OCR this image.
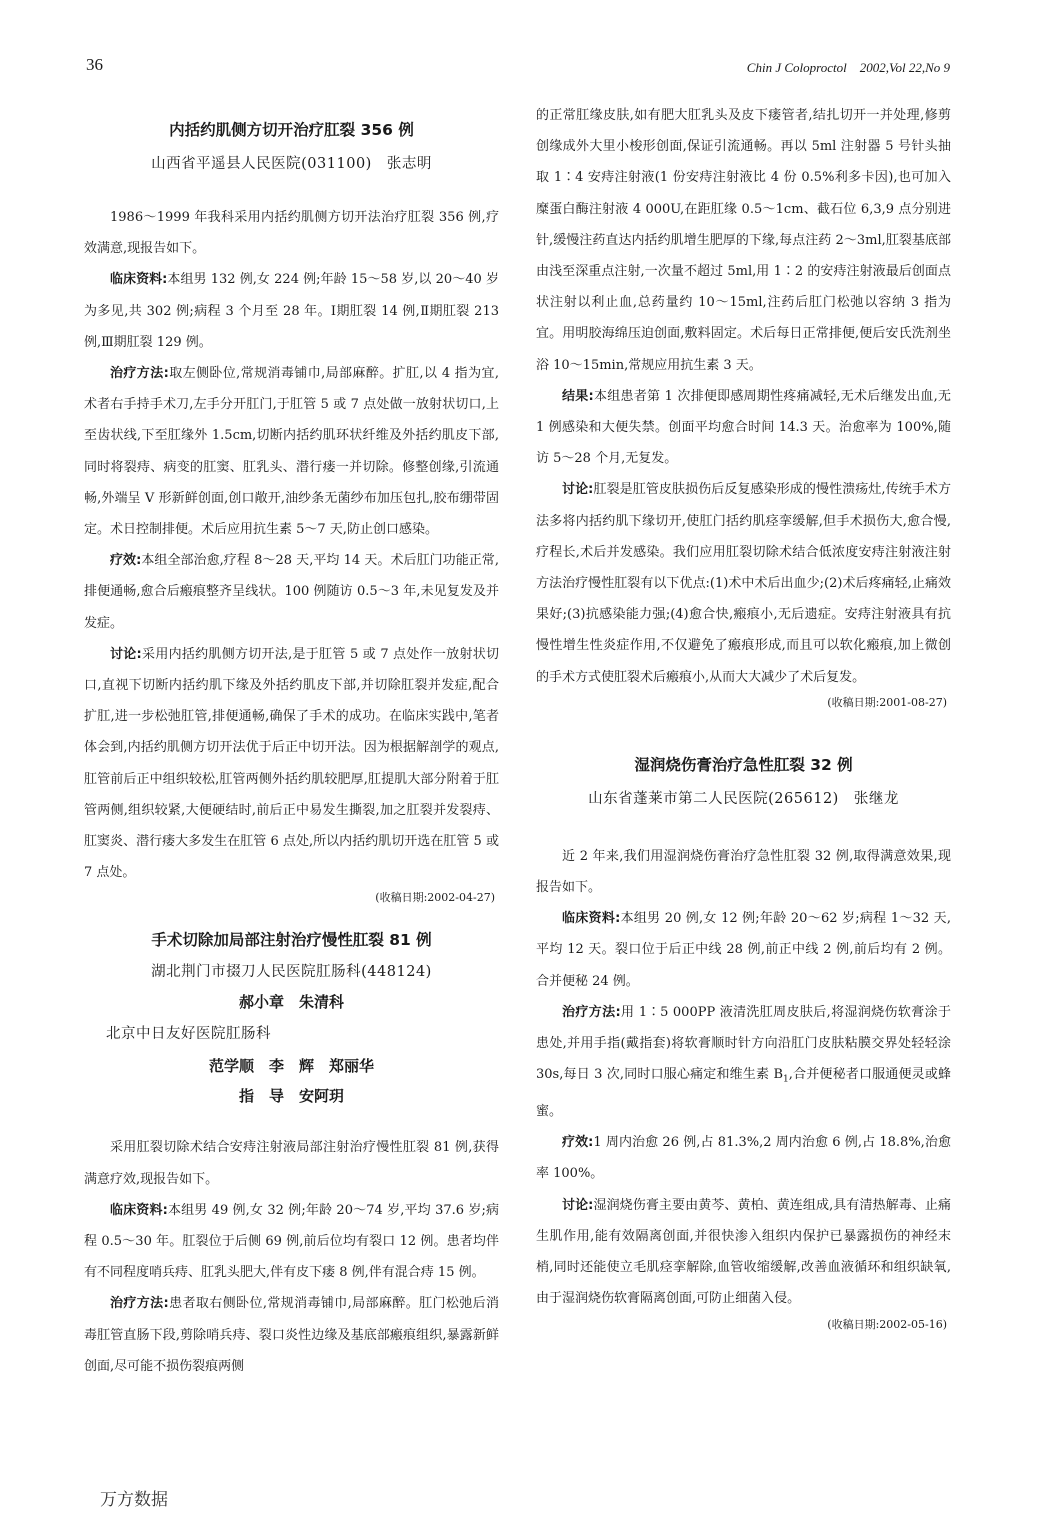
36	Chin J Coloproctol　2002,Vol 22,No 9

内括约肌侧方切开治疗肛裂 356 例

山西省平遥县人民医院(031100)　张志明

1986～1999 年我科采用内括约肌侧方切开法治疗肛裂 356 例,疗效满意,现报告如下。

临床资料:本组男 132 例,女 224 例;年龄 15～58 岁,以 20～40 岁为多见,共 302 例;病程 3 个月至 28 年。Ⅰ期肛裂 14 例,Ⅱ期肛裂 213 例,Ⅲ期肛裂 129 例。

治疗方法:取左侧卧位,常规消毒铺巾,局部麻醉。扩肛,以 4 指为宜,术者右手持手术刀,左手分开肛门,于肛管 5 或 7 点处做一放射状切口,上至齿状线,下至肛缘外 1.5cm,切断内括约肌环状纤维及外括约肌皮下部,同时将裂痔、病变的肛窦、肛乳头、潜行瘘一并切除。修整创缘,引流通畅,外端呈 V 形新鲜创面,创口敞开,油纱条无菌纱布加压包扎,胶布绷带固定。术日控制排便。术后应用抗生素 5～7 天,防止创口感染。

疗效:本组全部治愈,疗程 8～28 天,平均 14 天。术后肛门功能正常,排便通畅,愈合后瘢痕整齐呈线状。100 例随访 0.5～3 年,未见复发及并发症。

讨论:采用内括约肌侧方切开法,是于肛管 5 或 7 点处作一放射状切口,直视下切断内括约肌下缘及外括约肌皮下部,并切除肛裂并发症,配合扩肛,进一步松弛肛管,排便通畅,确保了手术的成功。在临床实践中,笔者体会到,内括约肌侧方切开法优于后正中切开法。因为根据解剖学的观点,肛管前后正中组织较松,肛管两侧外括约肌较肥厚,肛提肌大部分附着于肛管两侧,组织较紧,大便硬结时,前后正中易发生撕裂,加之肛裂并发裂痔、肛窦炎、潜行瘘大多发生在肛管 6 点处,所以内括约肌切开选在肛管 5 或 7 点处。

(收稿日期:2002-04-27)

手术切除加局部注射治疗慢性肛裂 81 例

湖北荆门市掇刀人民医院肛肠科(448124)

郝小章　朱清科

北京中日友好医院肛肠科

范学顺　李　辉　郑丽华

指　导　安阿玥

采用肛裂切除术结合安痔注射液局部注射治疗慢性肛裂 81 例,获得满意疗效,现报告如下。

临床资料:本组男 49 例,女 32 例;年龄 20～74 岁,平均 37.6 岁;病程 0.5～30 年。肛裂位于后侧 69 例,前后位均有裂口 12 例。患者均伴有不同程度哨兵痔、肛乳头肥大,伴有皮下瘘 8 例,伴有混合痔 15 例。

治疗方法:患者取右侧卧位,常规消毒铺巾,局部麻醉。肛门松弛后消毒肛管直肠下段,剪除哨兵痔、裂口炎性边缘及基底部瘢痕组织,暴露新鲜创面,尽可能不损伤裂痕两侧

的正常肛缘皮肤,如有肥大肛乳头及皮下瘘管者,结扎切开一并处理,修剪创缘成外大里小梭形创面,保证引流通畅。再以 5ml 注射器 5 号针头抽取 1∶4 安痔注射液(1 份安痔注射液比 4 份 0.5%利多卡因),也可加入糜蛋白酶注射液 4 000U,在距肛缘 0.5～1cm、截石位 6,3,9 点分别进针,缓慢注药直达内括约肌增生肥厚的下缘,每点注药 2～3ml,肛裂基底部由浅至深重点注射,一次量不超过 5ml,用 1∶2 的安痔注射液最后创面点状注射以利止血,总药量约 10～15ml,注药后肛门松弛以容纳 3 指为宜。用明胶海绵压迫创面,敷料固定。术后每日正常排便,便后安氏洗剂坐浴 10～15min,常规应用抗生素 3 天。

结果:本组患者第 1 次排便即感周期性疼痛减轻,无术后继发出血,无 1 例感染和大便失禁。创面平均愈合时间 14.3 天。治愈率为 100%,随访 5～28 个月,无复发。

讨论:肛裂是肛管皮肤损伤后反复感染形成的慢性溃疡灶,传统手术方法多将内括约肌下缘切开,使肛门括约肌痉挛缓解,但手术损伤大,愈合慢,疗程长,术后并发感染。我们应用肛裂切除术结合低浓度安痔注射液注射方法治疗慢性肛裂有以下优点:(1)术中术后出血少;(2)术后疼痛轻,止痛效果好;(3)抗感染能力强;(4)愈合快,瘢痕小,无后遗症。安痔注射液具有抗慢性增生性炎症作用,不仅避免了瘢痕形成,而且可以软化瘢痕,加上微创的手术方式使肛裂术后瘢痕小,从而大大减少了术后复发。

(收稿日期:2001-08-27)

湿润烧伤膏治疗急性肛裂 32 例

山东省蓬莱市第二人民医院(265612)　张继龙

近 2 年来,我们用湿润烧伤膏治疗急性肛裂 32 例,取得满意效果,现报告如下。

临床资料:本组男 20 例,女 12 例;年龄 20～62 岁;病程 1～32 天,平均 12 天。裂口位于后正中线 28 例,前正中线 2 例,前后均有 2 例。合并便秘 24 例。

治疗方法:用 1∶5 000PP 液清洗肛周皮肤后,将湿润烧伤软膏涂于患处,并用手指(戴指套)将软膏顺时针方向沿肛门皮肤粘膜交界处轻轻涂 30s,每日 3 次,同时口服心痛定和维生素 $B_1$,合并便秘者口服通便灵或蜂蜜。

疗效:1 周内治愈 26 例,占 81.3%,2 周内治愈 6 例,占 18.8%,治愈率 100%。

讨论:湿润烧伤膏主要由黄芩、黄柏、黄连组成,具有清热解毒、止痛生肌作用,能有效隔离创面,并很快渗入组织内保护已暴露损伤的神经末梢,同时还能使立毛肌痉挛解除,血管收缩缓解,改善血液循环和组织缺氧,由于湿润烧伤软膏隔离创面,可防止细菌入侵。

(收稿日期:2002-05-16)

万方数据
